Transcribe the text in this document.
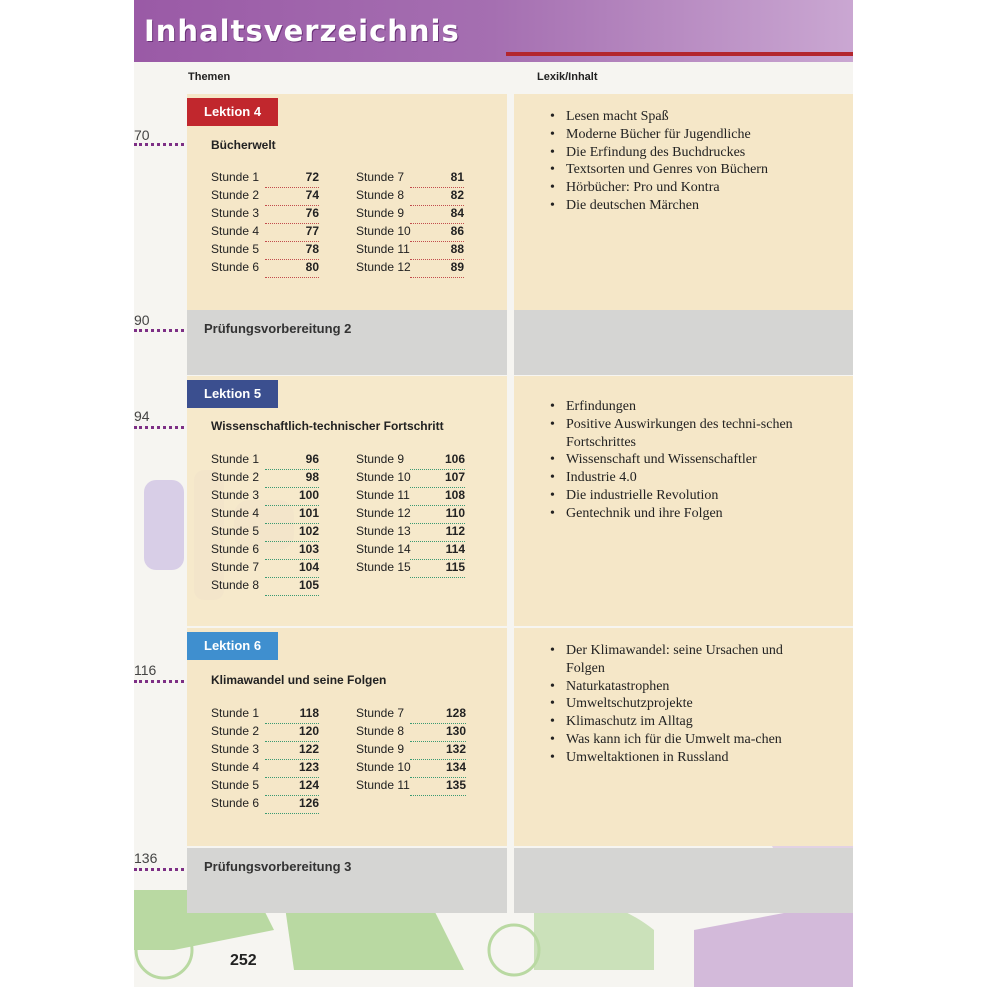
Inhaltsverzeichnis
Themen	Lexik/Inhalt
Lektion 4
70
Bücherwelt
Stunde 1	72
Stunde 2	74
Stunde 3	76
Stunde 4	77
Stunde 5	78
Stunde 6	80
Stunde 7	81
Stunde 8	82
Stunde 9	84
Stunde 10	86
Stunde 11	88
Stunde 12	89
• Lesen macht Spaß
• Moderne Bücher für Jugendliche
• Die Erfindung des Buchdruckes
• Textsorten und Genres von Büchern
• Hörbücher: Pro und Kontra
• Die deutschen Märchen
90
Prüfungsvorbereitung 2
Lektion 5
94
Wissenschaftlich-technischer Fortschritt
Stunde 1	96
Stunde 2	98
Stunde 3	100
Stunde 4	101
Stunde 5	102
Stunde 6	103
Stunde 7	104
Stunde 8	105
Stunde 9	106
Stunde 10	107
Stunde 11	108
Stunde 12	110
Stunde 13	112
Stunde 14	114
Stunde 15	115
• Erfindungen
• Positive Auswirkungen des techni-schen Fortschrittes
• Wissenschaft und Wissenschaftler
• Industrie 4.0
• Die industrielle Revolution
• Gentechnik und ihre Folgen
Lektion 6
116
Klimawandel und seine Folgen
Stunde 1	118
Stunde 2	120
Stunde 3	122
Stunde 4	123
Stunde 5	124
Stunde 6	126
Stunde 7	128
Stunde 8	130
Stunde 9	132
Stunde 10	134
Stunde 11	135
• Der Klimawandel: seine Ursachen und Folgen
• Naturkatastrophen
• Umweltschutzprojekte
• Klimaschutz im Alltag
• Was kann ich für die Umwelt ma-chen
• Umweltaktionen in Russland
136
Prüfungsvorbereitung 3
252
